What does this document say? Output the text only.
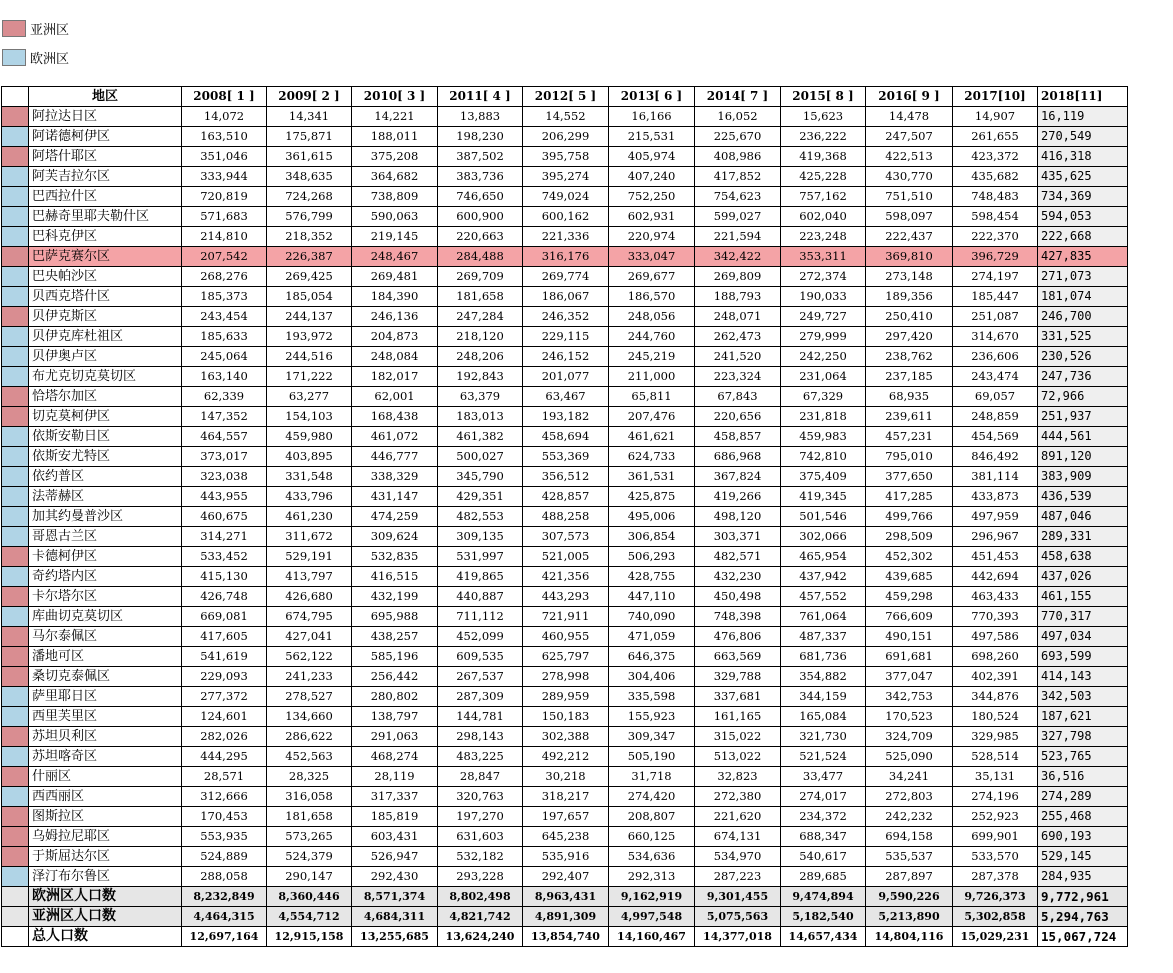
亚洲区
欧洲区
	地区	2008[ 1 ]	2009[ 2 ]	2010[ 3 ]	2011[ 4 ]	2012[ 5 ]	2013[ 6 ]	2014[ 7 ]	2015[ 8 ]	2016[ 9 ]	2017[10]	2018[11]
	阿拉达日区	14,072	14,341	14,221	13,883	14,552	16,166	16,052	15,623	14,478	14,907	16,119
	阿诺德柯伊区	163,510	175,871	188,011	198,230	206,299	215,531	225,670	236,222	247,507	261,655	270,549
	阿塔什耶区	351,046	361,615	375,208	387,502	395,758	405,974	408,986	419,368	422,513	423,372	416,318
	阿芙吉拉尔区	333,944	348,635	364,682	383,736	395,274	407,240	417,852	425,228	430,770	435,682	435,625
	巴西拉什区	720,819	724,268	738,809	746,650	749,024	752,250	754,623	757,162	751,510	748,483	734,369
	巴赫奇里耶夫勒什区	571,683	576,799	590,063	600,900	600,162	602,931	599,027	602,040	598,097	598,454	594,053
	巴科克伊区	214,810	218,352	219,145	220,663	221,336	220,974	221,594	223,248	222,437	222,370	222,668
	巴萨克赛尔区	207,542	226,387	248,467	284,488	316,176	333,047	342,422	353,311	369,810	396,729	427,835
	巴央帕沙区	268,276	269,425	269,481	269,709	269,774	269,677	269,809	272,374	273,148	274,197	271,073
	贝西克塔什区	185,373	185,054	184,390	181,658	186,067	186,570	188,793	190,033	189,356	185,447	181,074
	贝伊克斯区	243,454	244,137	246,136	247,284	246,352	248,056	248,071	249,727	250,410	251,087	246,700
	贝伊克库杜祖区	185,633	193,972	204,873	218,120	229,115	244,760	262,473	279,999	297,420	314,670	331,525
	贝伊奥卢区	245,064	244,516	248,084	248,206	246,152	245,219	241,520	242,250	238,762	236,606	230,526
	布尤克切克莫切区	163,140	171,222	182,017	192,843	201,077	211,000	223,324	231,064	237,185	243,474	247,736
	恰塔尔加区	62,339	63,277	62,001	63,379	63,467	65,811	67,843	67,329	68,935	69,057	72,966
	切克莫柯伊区	147,352	154,103	168,438	183,013	193,182	207,476	220,656	231,818	239,611	248,859	251,937
	依斯安勒日区	464,557	459,980	461,072	461,382	458,694	461,621	458,857	459,983	457,231	454,569	444,561
	依斯安尤特区	373,017	403,895	446,777	500,027	553,369	624,733	686,968	742,810	795,010	846,492	891,120
	依约普区	323,038	331,548	338,329	345,790	356,512	361,531	367,824	375,409	377,650	381,114	383,909
	法蒂赫区	443,955	433,796	431,147	429,351	428,857	425,875	419,266	419,345	417,285	433,873	436,539
	加其约曼普沙区	460,675	461,230	474,259	482,553	488,258	495,006	498,120	501,546	499,766	497,959	487,046
	哥恩古兰区	314,271	311,672	309,624	309,135	307,573	306,854	303,371	302,066	298,509	296,967	289,331
	卡德柯伊区	533,452	529,191	532,835	531,997	521,005	506,293	482,571	465,954	452,302	451,453	458,638
	奇约塔内区	415,130	413,797	416,515	419,865	421,356	428,755	432,230	437,942	439,685	442,694	437,026
	卡尔塔尔区	426,748	426,680	432,199	440,887	443,293	447,110	450,498	457,552	459,298	463,433	461,155
	库曲切克莫切区	669,081	674,795	695,988	711,112	721,911	740,090	748,398	761,064	766,609	770,393	770,317
	马尔泰佩区	417,605	427,041	438,257	452,099	460,955	471,059	476,806	487,337	490,151	497,586	497,034
	潘地可区	541,619	562,122	585,196	609,535	625,797	646,375	663,569	681,736	691,681	698,260	693,599
	桑切克泰佩区	229,093	241,233	256,442	267,537	278,998	304,406	329,788	354,882	377,047	402,391	414,143
	萨里耶日区	277,372	278,527	280,802	287,309	289,959	335,598	337,681	344,159	342,753	344,876	342,503
	西里芙里区	124,601	134,660	138,797	144,781	150,183	155,923	161,165	165,084	170,523	180,524	187,621
	苏坦贝利区	282,026	286,622	291,063	298,143	302,388	309,347	315,022	321,730	324,709	329,985	327,798
	苏坦喀奇区	444,295	452,563	468,274	483,225	492,212	505,190	513,022	521,524	525,090	528,514	523,765
	什丽区	28,571	28,325	28,119	28,847	30,218	31,718	32,823	33,477	34,241	35,131	36,516
	西西丽区	312,666	316,058	317,337	320,763	318,217	274,420	272,380	274,017	272,803	274,196	274,289
	图斯拉区	170,453	181,658	185,819	197,270	197,657	208,807	221,620	234,372	242,232	252,923	255,468
	乌姆拉尼耶区	553,935	573,265	603,431	631,603	645,238	660,125	674,131	688,347	694,158	699,901	690,193
	于斯屈达尔区	524,889	524,379	526,947	532,182	535,916	534,636	534,970	540,617	535,537	533,570	529,145
	泽汀布尔鲁区	288,058	290,147	292,430	293,228	292,407	292,313	287,223	289,685	287,897	287,378	284,935
	欧洲区人口数	8,232,849	8,360,446	8,571,374	8,802,498	8,963,431	9,162,919	9,301,455	9,474,894	9,590,226	9,726,373	9,772,961
	亚洲区人口数	4,464,315	4,554,712	4,684,311	4,821,742	4,891,309	4,997,548	5,075,563	5,182,540	5,213,890	5,302,858	5,294,763
	总人口数	12,697,164	12,915,158	13,255,685	13,624,240	13,854,740	14,160,467	14,377,018	14,657,434	14,804,116	15,029,231	15,067,724
